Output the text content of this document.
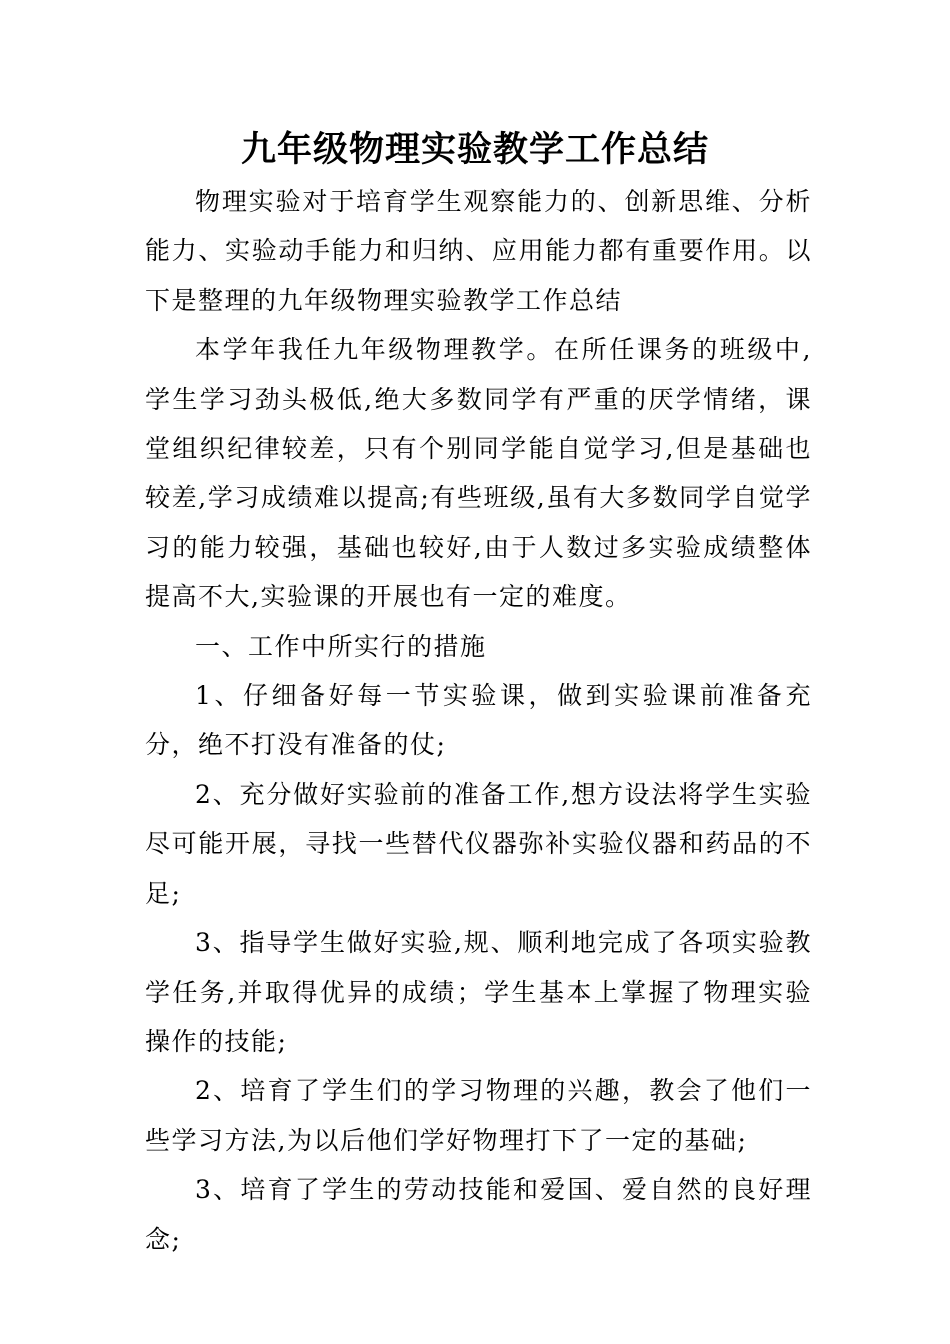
九年级物理实验教学工作总结

物理实验对于培育学生观察能力的、创新思维、分析能力、实验动手能力和归纳、应用能力都有重要作用。以下是整理的九年级物理实验教学工作总结

本学年我任九年级物理教学。在所任课务的班级中,学生学习劲头极低,绝大多数同学有严重的厌学情绪，课堂组织纪律较差，只有个别同学能自觉学习,但是基础也较差,学习成绩难以提高;有些班级,虽有大多数同学自觉学习的能力较强，基础也较好,由于人数过多实验成绩整体提高不大,实验课的开展也有一定的难度。

一、工作中所实行的措施

1、仔细备好每一节实验课，做到实验课前准备充分，绝不打没有准备的仗;

2、充分做好实验前的准备工作,想方设法将学生实验尽可能开展，寻找一些替代仪器弥补实验仪器和药品的不足;

3、指导学生做好实验,规、顺利地完成了各项实验教学任务,并取得优异的成绩；学生基本上掌握了物理实验操作的技能;

2、培育了学生们的学习物理的兴趣，教会了他们一些学习方法,为以后他们学好物理打下了一定的基础;

3、培育了学生的劳动技能和爱国、爱自然的良好理念;
